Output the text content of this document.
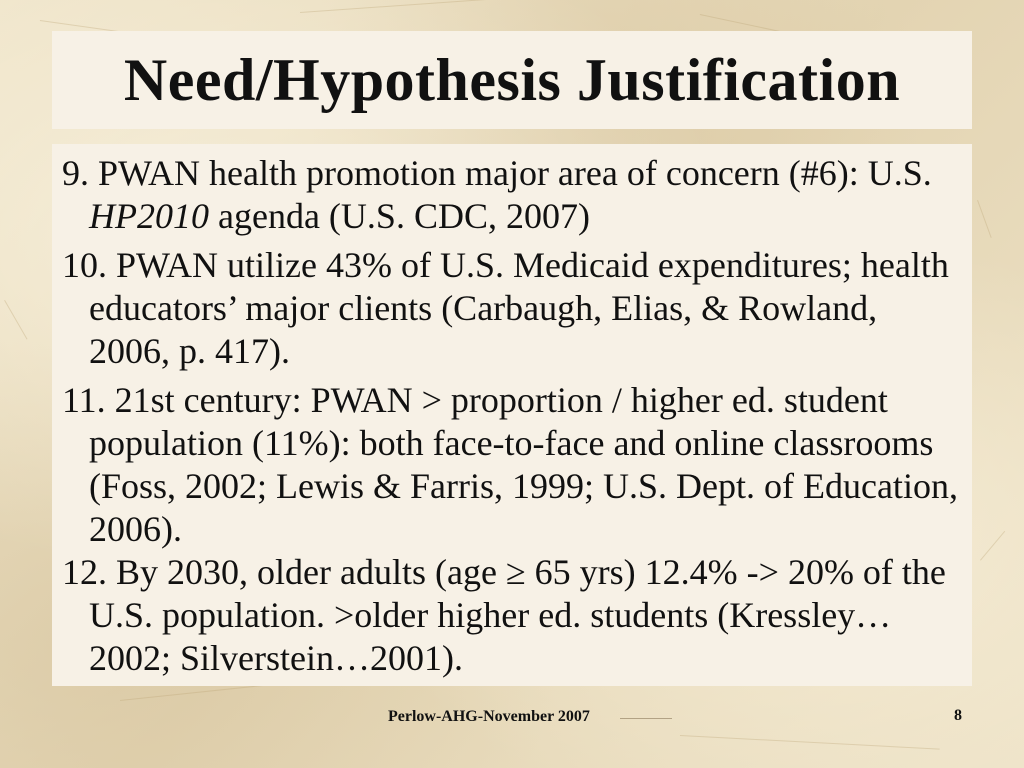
Need/Hypothesis Justification
9. PWAN health promotion major area of concern (#6): U.S. HP2010 agenda (U.S. CDC, 2007)
10. PWAN utilize 43% of U.S. Medicaid expenditures; health educators’ major clients (Carbaugh, Elias, & Rowland, 2006, p. 417).
11. 21st century: PWAN > proportion / higher ed. student population (11%): both face-to-face and online classrooms (Foss, 2002; Lewis & Farris, 1999; U.S. Dept. of Education, 2006).
12. By 2030, older adults (age ≥ 65 yrs) 12.4% -> 20% of the U.S. population. >older higher ed. students (Kressley…2002; Silverstein…2001).
Perlow-AHG-November 2007	8
